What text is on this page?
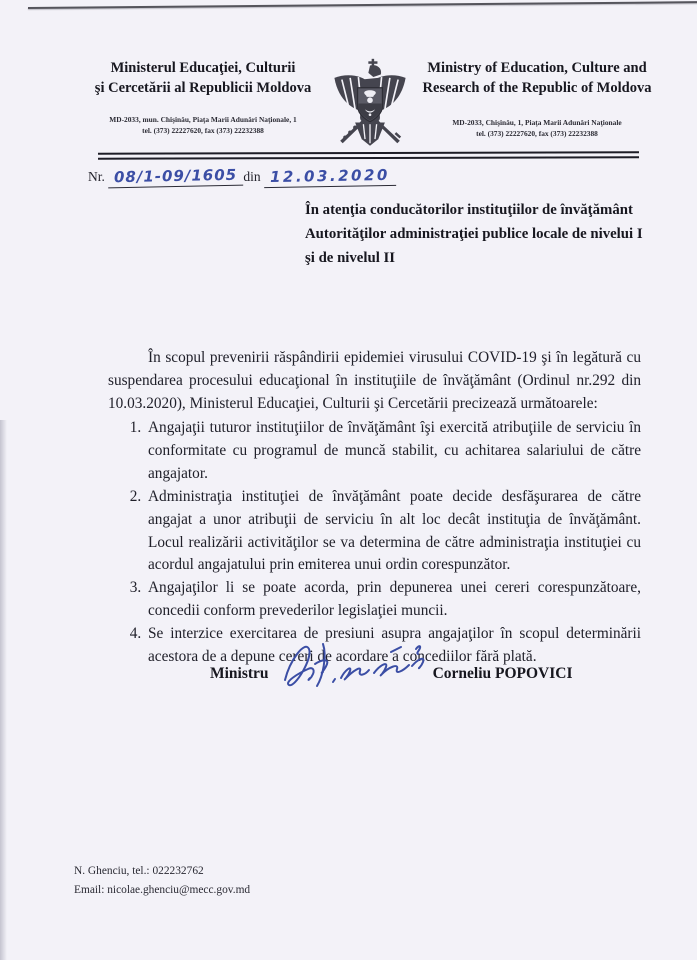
Ministerul Educaţiei, Culturii
şi Cercetării al Republicii Moldova
MD-2033, mun. Chişinău, Piaţa Marii Adunări Naţionale, 1
tel. (373) 22227620, fax (373) 22232388
Ministry of Education, Culture and
Research of the Republic of Moldova
MD-2033, Chişinău, 1, Piaţa Marii Adunări Naţionale
tel. (373) 22227620, fax (373) 22232388
Nr. 08/1-09/1605 din 12.03.2020
În atenţia conducătorilor instituţiilor de învăţământ
Autorităţilor administraţiei publice locale de nivelui I
şi de nivelul II

În scopul prevenirii răspândirii epidemiei virusului COVID-19 şi în legătură cu suspendarea procesului educaţional în instituţiile de învăţământ (Ordinul nr.292 din 10.03.2020), Ministerul Educaţiei, Culturii şi Cercetării precizează următoarele:

1. Angajaţii tuturor instituţiilor de învăţământ îşi exercită atribuţiile de serviciu în conformitate cu programul de muncă stabilit, cu achitarea salariului de către angajator.
2. Administraţia instituţiei de învăţământ poate decide desfăşurarea de către angajat a unor atribuţii de serviciu în alt loc decât instituţia de învăţământ. Locul realizării activităţilor se va determina de către administraţia instituţiei cu acordul angajatului prin emiterea unui ordin corespunzător.
3. Angajaţilor li se poate acorda, prin depunerea unei cereri corespunzătoare, concedii conform prevederilor legislaţiei muncii.
4. Se interzice exercitarea de presiuni asupra angajaţilor în scopul determinării acestora de a depune cereri de acordare a concediilor fără plată.
Ministru	Corneliu POPOVICI
N. Ghenciu, tel.: 022232762
Email: nicolae.ghenciu@mecc.gov.md
